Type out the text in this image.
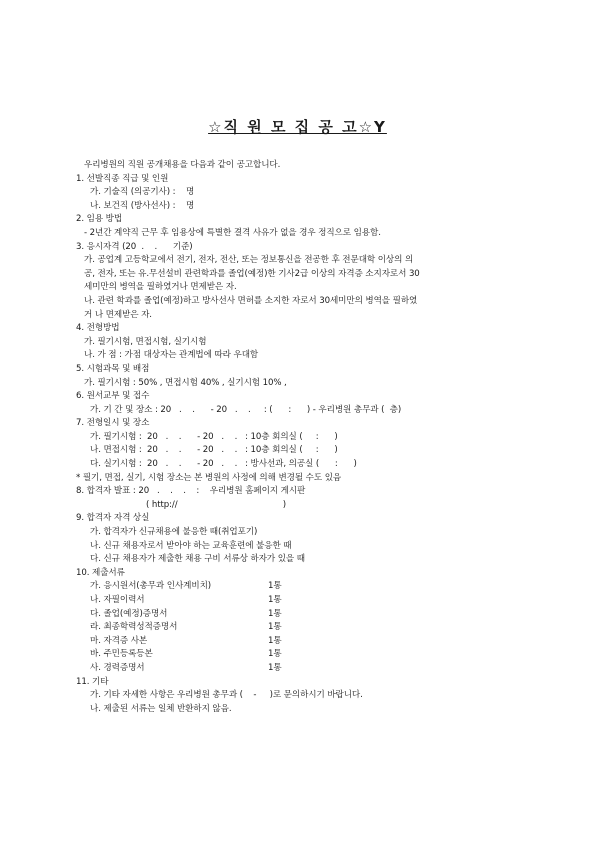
☆직 원 모 집 공 고☆Y
우리병원의 직원 공개채용을 다음과 같이 공고합니다.
1. 선발직종 직급 및 인원
가. 기술직 (의공기사) :    명
나. 보건직 (방사선사) :    명
2. 임용 방법
- 2년간 계약직 근무 후 임용상에 특별한 결격 사유가 없을 경우 정직으로 임용함.
3. 응시자격 (20  .    .      기준)
가. 공업계 고등학교에서 전기, 전자, 전산, 또는 정보통신을 전공한 후 전문대학 이상의 의
공, 전자, 또는 유.무선설비 관련학과를 졸업(예정)한 기사2급 이상의 자격증 소지자로서 30
세미만의 병역을 필하였거나 면제받은 자.
나. 관련 학과를 졸업(예정)하고 방사선사 면허를 소지한 자로서 30세미만의 병역을 필하였
거 나 면제받은 자.
4. 전형방법
가. 필기시험, 면접시험, 실기시험
나. 가 점 : 가점 대상자는 관계법에 따라 우대함
5. 시험과목 및 배점
가. 필기시험 : 50% , 면접시험 40% , 실기시험 10% ,
6. 원서교부 및 접수
가. 기 간 및 장소 : 20   .    .      - 20   .    .     : (      :      ) - 우리병원 총무과 (  층)
7. 전형일시 및 장소
가. 필기시험 :  20   .    .      - 20   .    .   : 10층 회의실 (     :      )
나. 면접시험 :  20   .    .      - 20   .    .   : 10층 회의실 (     :      )
다. 실기시험 :  20   .    .      - 20   .    .   : 방사선과, 의공실 (      :      )
* 필기, 면접, 실기, 시험 장소는 본 병원의 사정에 의해 변경될 수도 있음
8. 합격자 발표 : 20   .    .    .    :    우리병원 홈페이지 게시판
( http://                                        )
9. 합격자 자격 상실
가. 합격자가 신규채용에 불응한 때(취업포기)
나. 신규 채용자로서 받아야 하는 교육훈련에 불응한 때
다. 신규 채용자가 제출한 채용 구비 서류상 하자가 있을 때
10. 제출서류
가. 응시원서(총무과 인사계비치)	1통
나. 자필이력서	1통
다. 졸업(예정)증명서	1통
라. 최종학력성적증명서	1통
마. 자격증 사본	1통
바. 주민등록등본	1통
사. 경력증명서	1통
11. 기타
가. 기타 자세한 사항은 우리병원 총무과 (    -     )로 문의하시기 바랍니다.
나. 제출된 서류는 일체 반환하지 않음.
